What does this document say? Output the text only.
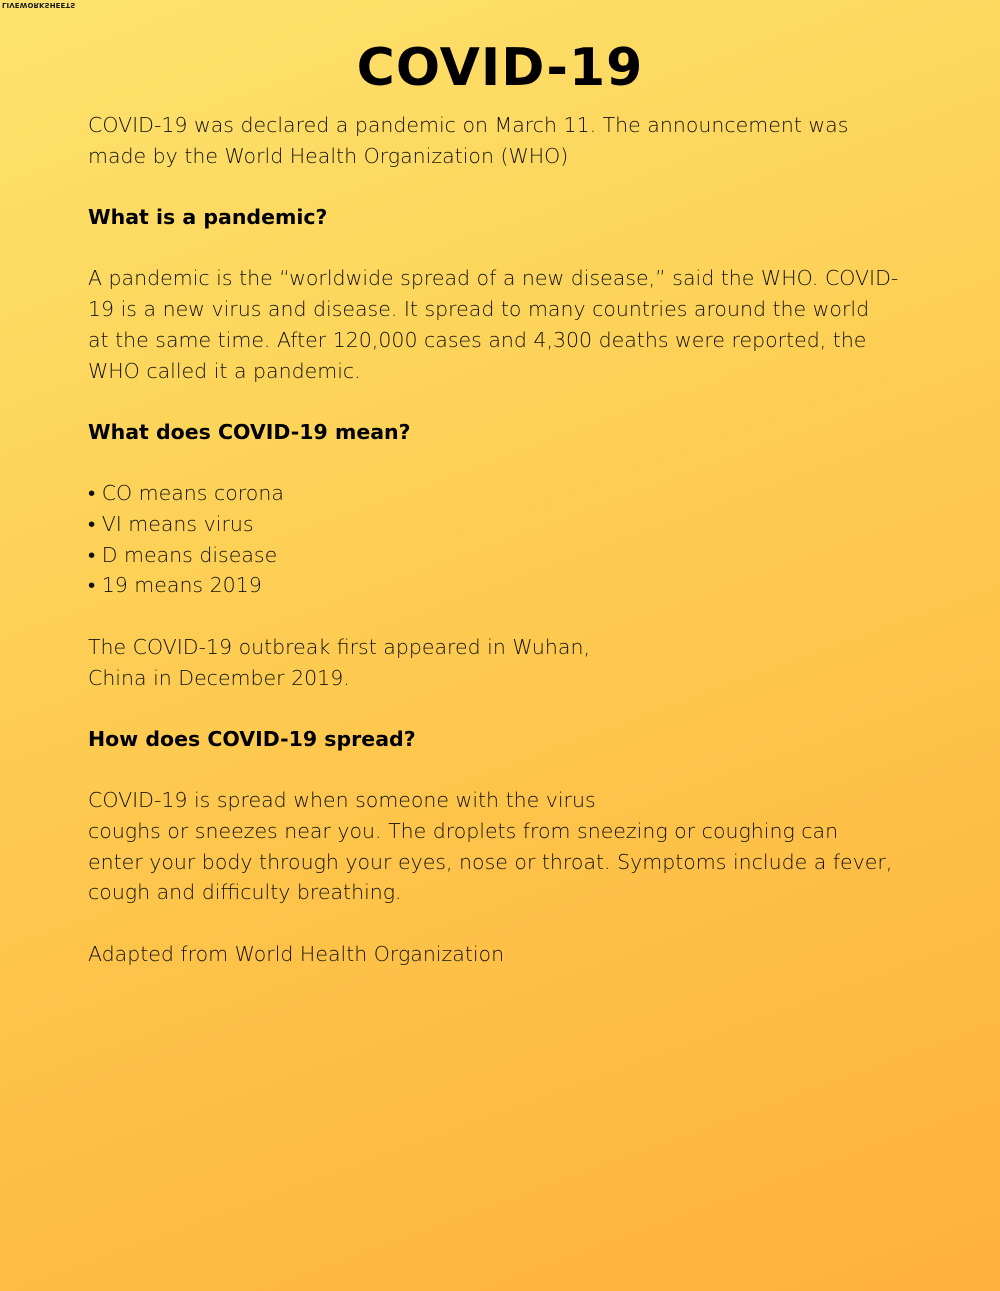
LIVEWORKSHEETS
COVID-19

COVID-19 was declared a pandemic on March 11. The announcement was
made by the World Health Organization (WHO)

What is a pandemic?

A pandemic is the “worldwide spread of a new disease,” said the WHO. COVID-
19 is a new virus and disease. It spread to many countries around the world
at the same time. After 120,000 cases and 4,300 deaths were reported, the
WHO called it a pandemic.

What does COVID-19 mean?

• CO means corona
• VI means virus
• D means disease
• 19 means 2019

The COVID-19 outbreak first appeared in Wuhan,
China in December 2019.

How does COVID-19 spread?

COVID-19 is spread when someone with the virus
coughs or sneezes near you. The droplets from sneezing or coughing can
enter your body through your eyes, nose or throat. Symptoms include a fever,
cough and difficulty breathing.

Adapted from World Health Organization
